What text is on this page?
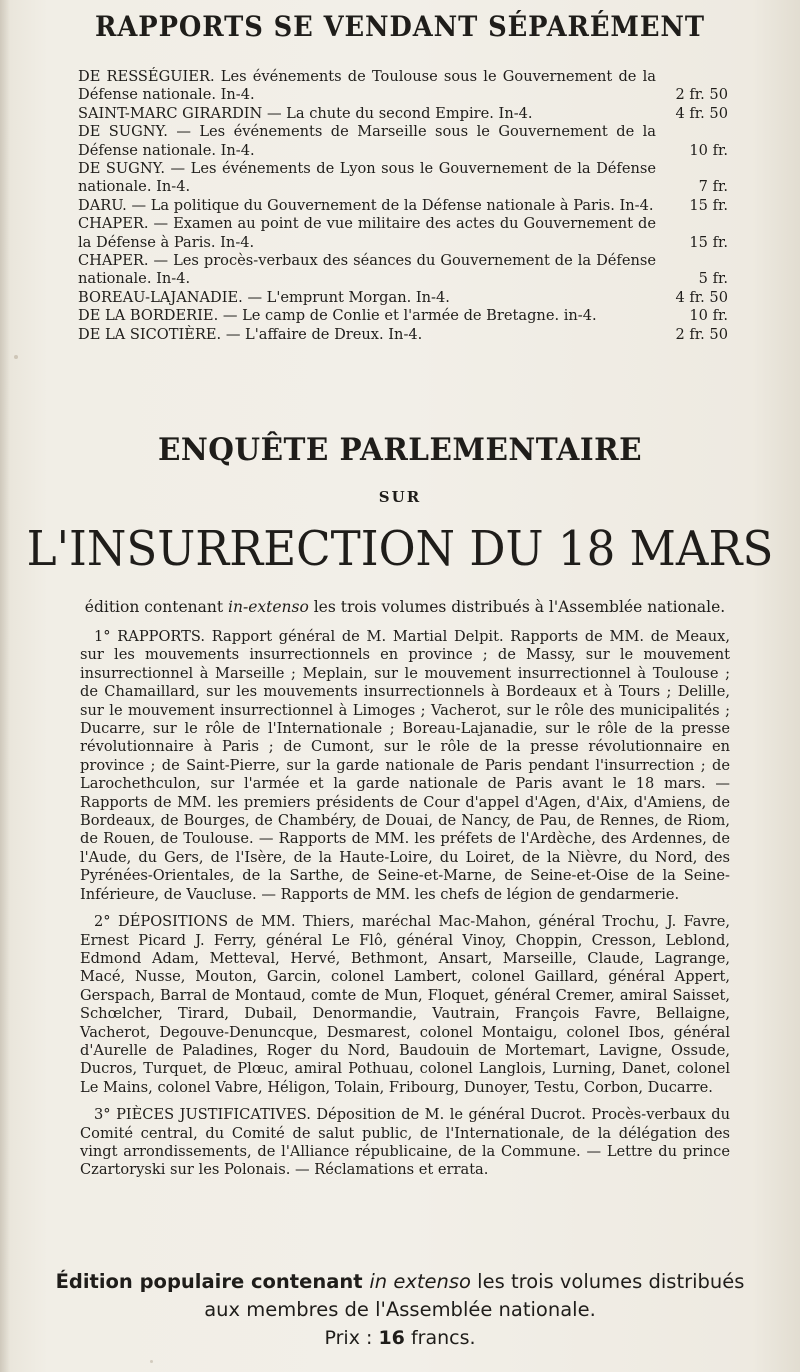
RAPPORTS SE VENDANT SÉPARÉMENT
DE RESSÉGUIER. Les événements de Toulouse sous le Gouvernement de la Défense nationale. In-4.	2 fr. 50
SAINT-MARC GIRARDIN — La chute du second Empire. In-4.	4 fr. 50
DE SUGNY. — Les événements de Marseille sous le Gouvernement de la Défense nationale. In-4.	10 fr.
DE SUGNY. — Les événements de Lyon sous le Gouvernement de la Défense nationale. In-4.	7 fr.
DARU. — La politique du Gouvernement de la Défense nationale à Paris. In-4.	15 fr.
CHAPER. — Examen au point de vue militaire des actes du Gouvernement de la Défense à Paris. In-4.	15 fr.
CHAPER. — Les procès-verbaux des séances du Gouvernement de la Défense nationale. In-4.	5 fr.
BOREAU-LAJANADIE. — L'emprunt Morgan. In-4.	4 fr. 50
DE LA BORDERIE. — Le camp de Conlie et l'armée de Bretagne. in-4.	10 fr.
DE LA SICOTIÈRE. — L'affaire de Dreux. In-4.	2 fr. 50
ENQUÊTE PARLEMENTAIRE
SUR
L'INSURRECTION DU 18 MARS
édition contenant in-extenso les trois volumes distribués à l'Assemblée nationale.

1° RAPPORTS. Rapport général de M. Martial Delpit. Rapports de MM. de Meaux, sur les mouvements insurrectionnels en province ; de Massy, sur le mouvement insurrectionnel à Marseille ; Meplain, sur le mouvement insurrectionnel à Toulouse ; de Chamaillard, sur les mouvements insurrectionnels à Bordeaux et à Tours ; Delille, sur le mouvement insurrectionnel à Limoges ; Vacherot, sur le rôle des municipalités ; Ducarre, sur le rôle de l'Internationale ; Boreau-Lajanadie, sur le rôle de la presse révolutionnaire à Paris ; de Cumont, sur le rôle de la presse révolutionnaire en province ; de Saint-Pierre, sur la garde nationale de Paris pendant l'insurrection ; de Larochethculon, sur l'armée et la garde nationale de Paris avant le 18 mars. — Rapports de MM. les premiers présidents de Cour d'appel d'Agen, d'Aix, d'Amiens, de Bordeaux, de Bourges, de Chambéry, de Douai, de Nancy, de Pau, de Rennes, de Riom, de Rouen, de Toulouse. — Rapports de MM. les préfets de l'Ardèche, des Ardennes, de l'Aude, du Gers, de l'Isère, de la Haute-Loire, du Loiret, de la Nièvre, du Nord, des Pyrénées-Orientales, de la Sarthe, de Seine-et-Marne, de Seine-et-Oise de la Seine-Inférieure, de Vaucluse. — Rapports de MM. les chefs de légion de gendarmerie.

2° DÉPOSITIONS de MM. Thiers, maréchal Mac-Mahon, général Trochu, J. Favre, Ernest Picard J. Ferry, général Le Flô, général Vinoy, Choppin, Cresson, Leblond, Edmond Adam, Metteval, Hervé, Bethmont, Ansart, Marseille, Claude, Lagrange, Macé, Nusse, Mouton, Garcin, colonel Lambert, colonel Gaillard, général Appert, Gerspach, Barral de Montaud, comte de Mun, Floquet, général Cremer, amiral Saisset, Schœlcher, Tirard, Dubail, Denormandie, Vautrain, François Favre, Bellaigne, Vacherot, Degouve-Denuncque, Desmarest, colonel Montaigu, colonel Ibos, général d'Aurelle de Paladines, Roger du Nord, Baudouin de Mortemart, Lavigne, Ossude, Ducros, Turquet, de Plœuc, amiral Pothuau, colonel Langlois, Lurning, Danet, colonel Le Mains, colonel Vabre, Héligon, Tolain, Fribourg, Dunoyer, Testu, Corbon, Ducarre.

3° PIÈCES JUSTIFICATIVES. Déposition de M. le général Ducrot. Procès-verbaux du Comité central, du Comité de salut public, de l'Internationale, de la délégation des vingt arrondissements, de l'Alliance républicaine, de la Commune. — Lettre du prince Czartoryski sur les Polonais. — Réclamations et errata.

Édition populaire contenant in extenso les trois volumes distribués
aux membres de l'Assemblée nationale.
Prix : 16 francs.
